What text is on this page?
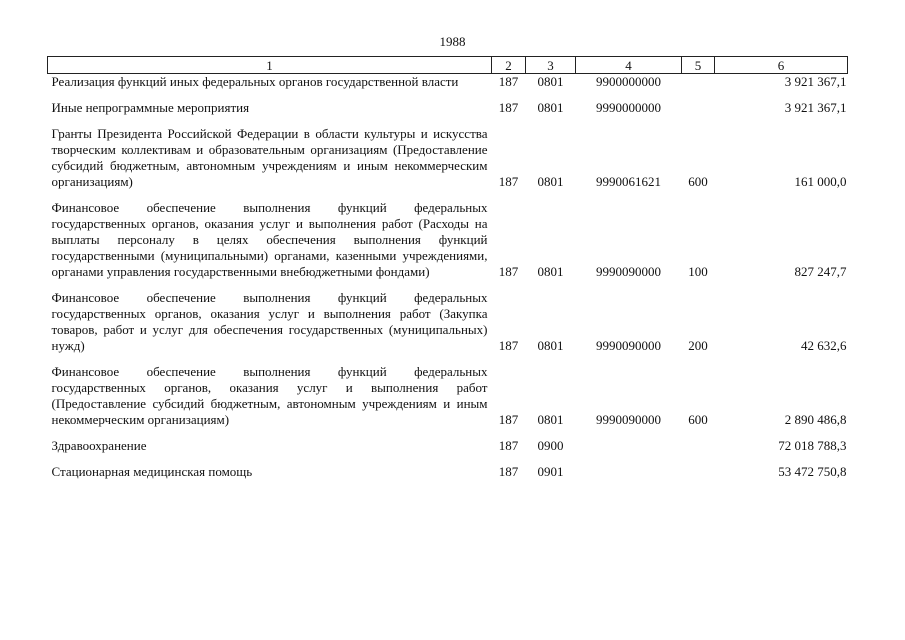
1988
1	2	3	4	5	6

Реализация функций иных федеральных органов государственной власти	187	0801	9900000000		3 921 367,1

Иные непрограммные мероприятия	187	0801	9990000000		3 921 367,1

Гранты Президента Российской Федерации в области культуры и искусства творческим коллективам и образовательным организациям (Предоставление субсидий бюджетным, автономным учреждениям и иным некоммерческим организациям)	187	0801	9990061621	600	161 000,0

Финансовое обеспечение выполнения функций федеральных государственных органов, оказания услуг и выполнения работ (Расходы на выплаты персоналу в целях обеспечения выполнения функций государственными (муниципальными) органами, казенными учреждениями, органами управления государственными внебюджетными фондами)	187	0801	9990090000	100	827 247,7

Финансовое обеспечение выполнения функций федеральных государственных органов, оказания услуг и выполнения работ (Закупка товаров, работ и услуг для обеспечения государственных (муниципальных) нужд)	187	0801	9990090000	200	42 632,6

Финансовое обеспечение выполнения функций федеральных государственных органов, оказания услуг и выполнения работ (Предоставление субсидий бюджетным, автономным учреждениям и иным некоммерческим организациям)	187	0801	9990090000	600	2 890 486,8

Здравоохранение	187	0900			72 018 788,3

Стационарная медицинская помощь	187	0901			53 472 750,8
